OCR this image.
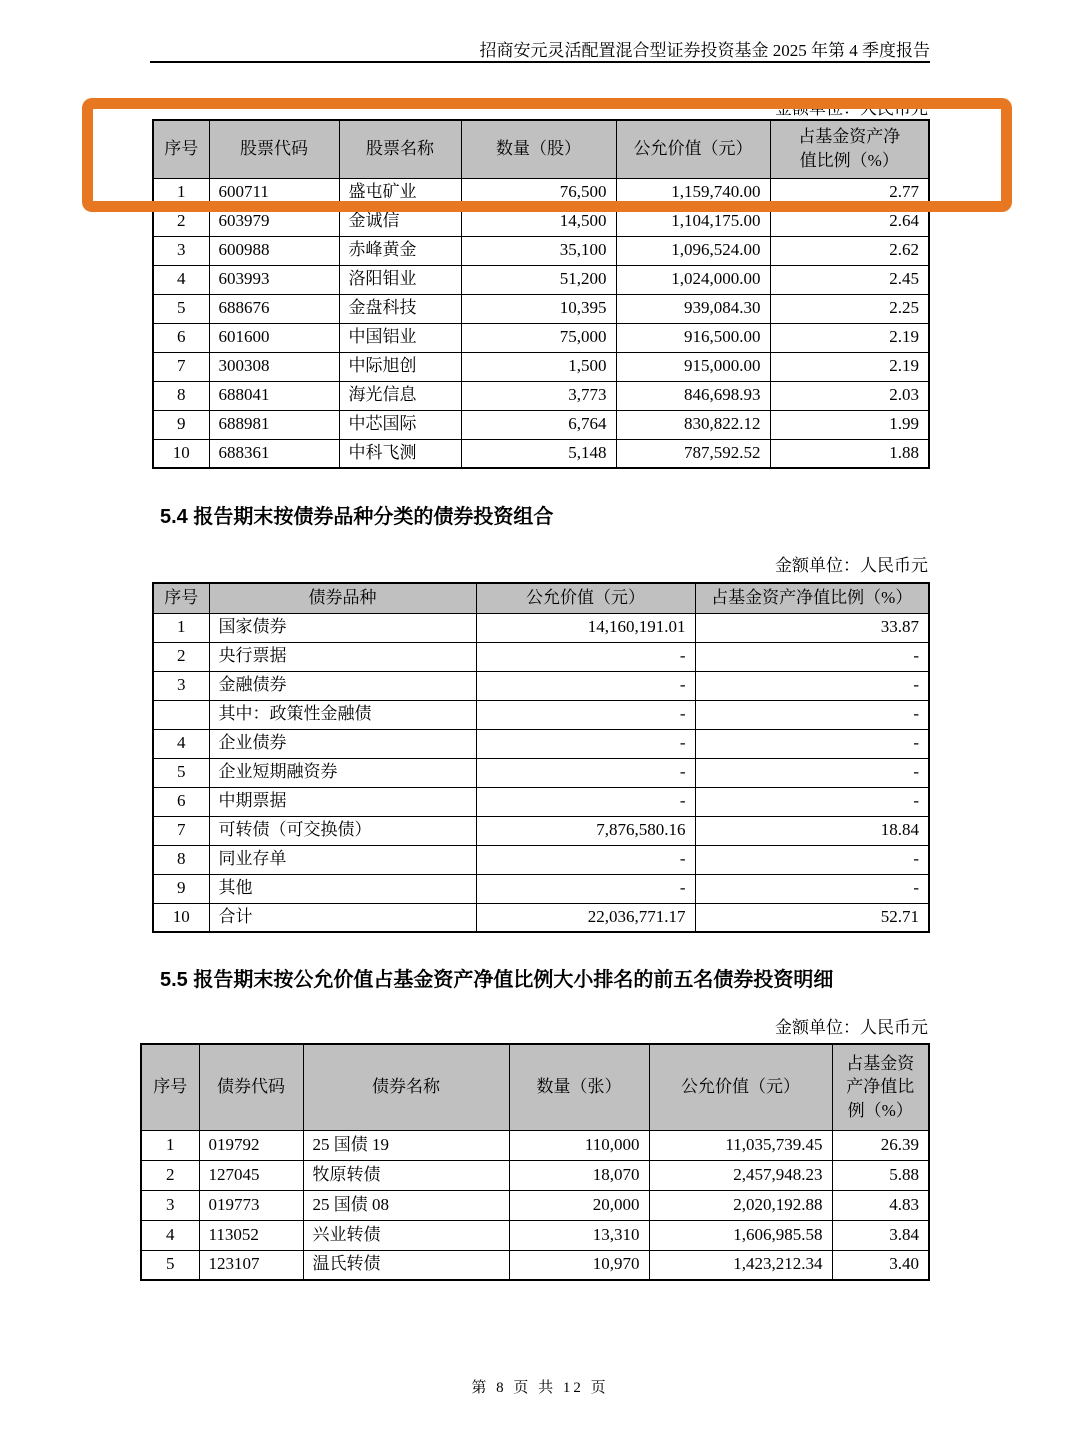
招商安元灵活配置混合型证券投资基金 2025 年第 4 季度报告
金额单位：人民币元
序号	股票代码	股票名称	数量（股）	公允价值（元）	占基金资产净值比例（%）
1	600711	盛屯矿业	76,500	1,159,740.00	2.77
2	603979	金诚信	14,500	1,104,175.00	2.64
3	600988	赤峰黄金	35,100	1,096,524.00	2.62
4	603993	洛阳钼业	51,200	1,024,000.00	2.45
5	688676	金盘科技	10,395	939,084.30	2.25
6	601600	中国铝业	75,000	916,500.00	2.19
7	300308	中际旭创	1,500	915,000.00	2.19
8	688041	海光信息	3,773	846,698.93	2.03
9	688981	中芯国际	6,764	830,822.12	1.99
10	688361	中科飞测	5,148	787,592.52	1.88
5.4 报告期末按债券品种分类的债券投资组合
金额单位：人民币元
序号	债券品种	公允价值（元）	占基金资产净值比例（%）
1	国家债券	14,160,191.01	33.87
2	央行票据	-	-
3	金融债券	-	-
	其中：政策性金融债	-	-
4	企业债券	-	-
5	企业短期融资券	-	-
6	中期票据	-	-
7	可转债（可交换债）	7,876,580.16	18.84
8	同业存单	-	-
9	其他	-	-
10	合计	22,036,771.17	52.71
5.5 报告期末按公允价值占基金资产净值比例大小排名的前五名债券投资明细
金额单位：人民币元
序号	债券代码	债券名称	数量（张）	公允价值（元）	占基金资产净值比例（%）
1	019792	25 国债 19	110,000	11,035,739.45	26.39
2	127045	牧原转债	18,070	2,457,948.23	5.88
3	019773	25 国债 08	20,000	2,020,192.88	4.83
4	113052	兴业转债	13,310	1,606,985.58	3.84
5	123107	温氏转债	10,970	1,423,212.34	3.40
第 8 页 共 12 页
